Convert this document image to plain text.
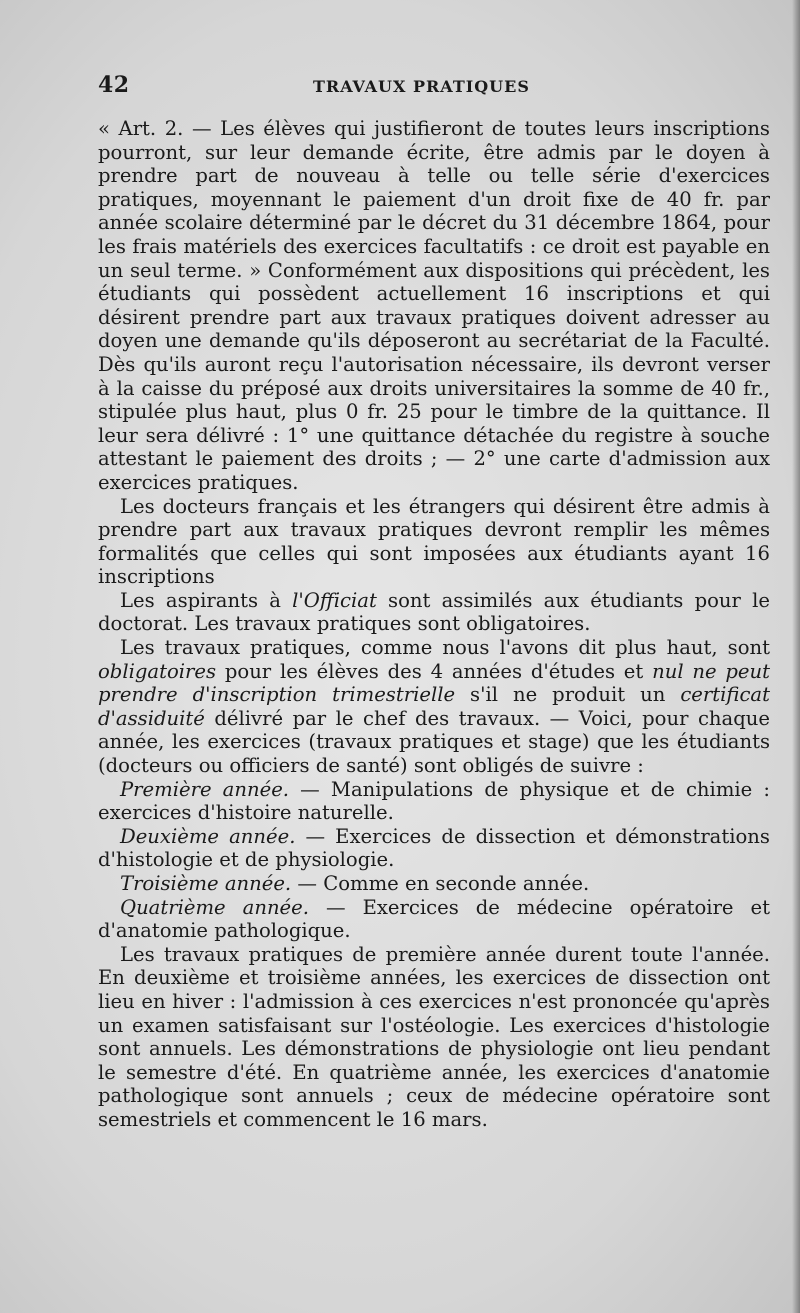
42	TRAVAUX PRATIQUES

« Art. 2. — Les élèves qui justifieront de toutes leurs inscriptions pourront, sur leur demande écrite, être admis par le doyen à prendre part de nouveau à telle ou telle série d'exercices pratiques, moyennant le paiement d'un droit fixe de 40 fr. par année scolaire déterminé par le décret du 31 décembre 1864, pour les frais matériels des exercices facultatifs : ce droit est payable en un seul terme. » Conformément aux dispositions qui précèdent, les étudiants qui possèdent actuellement 16 inscriptions et qui désirent prendre part aux travaux pratiques doivent adresser au doyen une demande qu'ils déposeront au secrétariat de la Faculté. Dès qu'ils auront reçu l'autorisation nécessaire, ils devront verser à la caisse du préposé aux droits universitaires la somme de 40 fr., stipulée plus haut, plus 0 fr. 25 pour le timbre de la quittance. Il leur sera délivré : 1° une quittance détachée du registre à souche attestant le paiement des droits ; — 2° une carte d'admission aux exercices pratiques.

Les docteurs français et les étrangers qui désirent être admis à prendre part aux travaux pratiques devront remplir les mêmes formalités que celles qui sont imposées aux étudiants ayant 16 inscriptions

Les aspirants à l'Officiat sont assimilés aux étudiants pour le doctorat. Les travaux pratiques sont obligatoires.

Les travaux pratiques, comme nous l'avons dit plus haut, sont obligatoires pour les élèves des 4 années d'études et nul ne peut prendre d'inscription trimestrielle s'il ne produit un certificat d'assiduité délivré par le chef des travaux. — Voici, pour chaque année, les exercices (travaux pratiques et stage) que les étudiants (docteurs ou officiers de santé) sont obligés de suivre :

Première année. — Manipulations de physique et de chimie : exercices d'histoire naturelle.

Deuxième année. — Exercices de dissection et démonstrations d'histologie et de physiologie.

Troisième année. — Comme en seconde année.

Quatrième année. — Exercices de médecine opératoire et d'anatomie pathologique.

Les travaux pratiques de première année durent toute l'année. En deuxième et troisième années, les exercices de dissection ont lieu en hiver : l'admission à ces exercices n'est prononcée qu'après un examen satisfaisant sur l'ostéologie. Les exercices d'histologie sont annuels. Les démonstrations de physiologie ont lieu pendant le semestre d'été. En quatrième année, les exercices d'anatomie pathologique sont annuels ; ceux de médecine opératoire sont semestriels et commencent le 16 mars.
